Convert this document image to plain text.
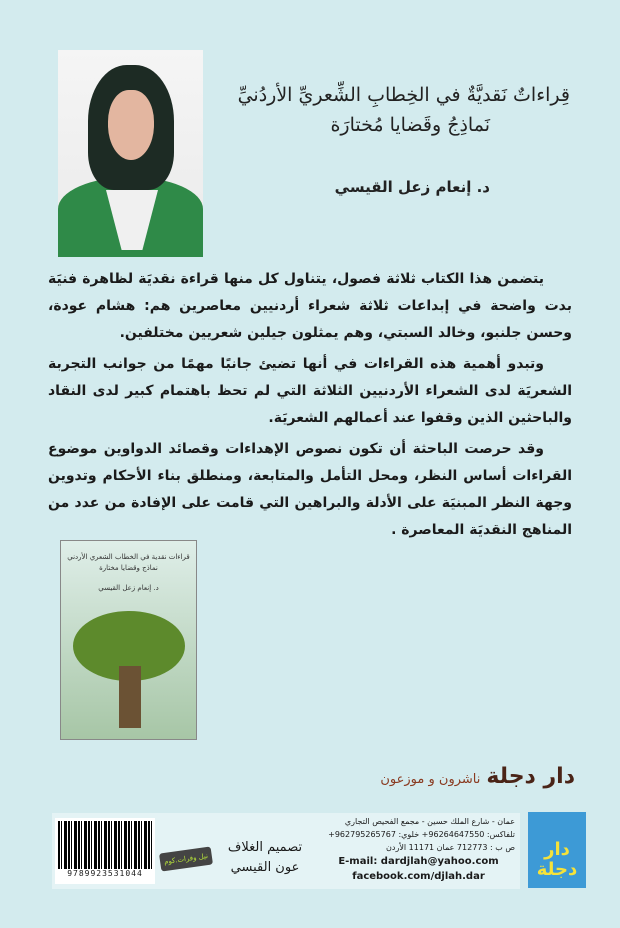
قِراءاتٌ نَقديَّةٌ في الخِطابِ الشِّعريِّ الأردُنيِّ
نَماذِجُ وقَضايا مُختارَة
د. إنعام زعل القيسي

يتضمن هذا الكتاب ثلاثة فصول، يتناول كل منها قراءة نقديَة لظاهرة فنيَة بدت واضحة في إبداعات ثلاثة شعراء أردنيين معاصرين هم: هشام عودة، وحسن جلنبو، وخالد السبتي، وهم يمثلون جيلين شعريين مختلفين.

وتبدو أهمية هذه القراءات في أنها تضيئ جانبًا مهمًا من جوانب التجربة الشعريَة لدى الشعراء الأردنيين الثلاثة التي لم تحظ باهتمام كبير لدى النقاد والباحثين الذين وقفوا عند أعمالهم الشعريَة.

وقد حرصت الباحثة أن تكون نصوص الإهداءات وقصائد الدواوين موضوع القراءات أساس النظر، ومحل التأمل والمتابعة، ومنطلق بناء الأحكام وتدوين وجهة النظر المبنيَة على الأدلة والبراهين التي قامت على الإفادة من عدد من المناهج النقديَة المعاصرة .

قراءات نقدية في الخطاب الشعري الأردني
نماذج وقضايا مختارة
د. إنعام زعل القيسي
دار دجلة
ناشرون و موزعون
9789923531044
نيل وفرات.كوم
تصميم الغلاف
عون القيسي
عمان - شارع الملك حسين - مجمع الفحيص التجاري
تلفاكس: 96264647550+ خلوي: 962795265767+
ص ب : 712773 عمان 11171 الأردن
E-mail: dardjlah@yahoo.com
facebook.com/djlah.dar
دار دجلة
